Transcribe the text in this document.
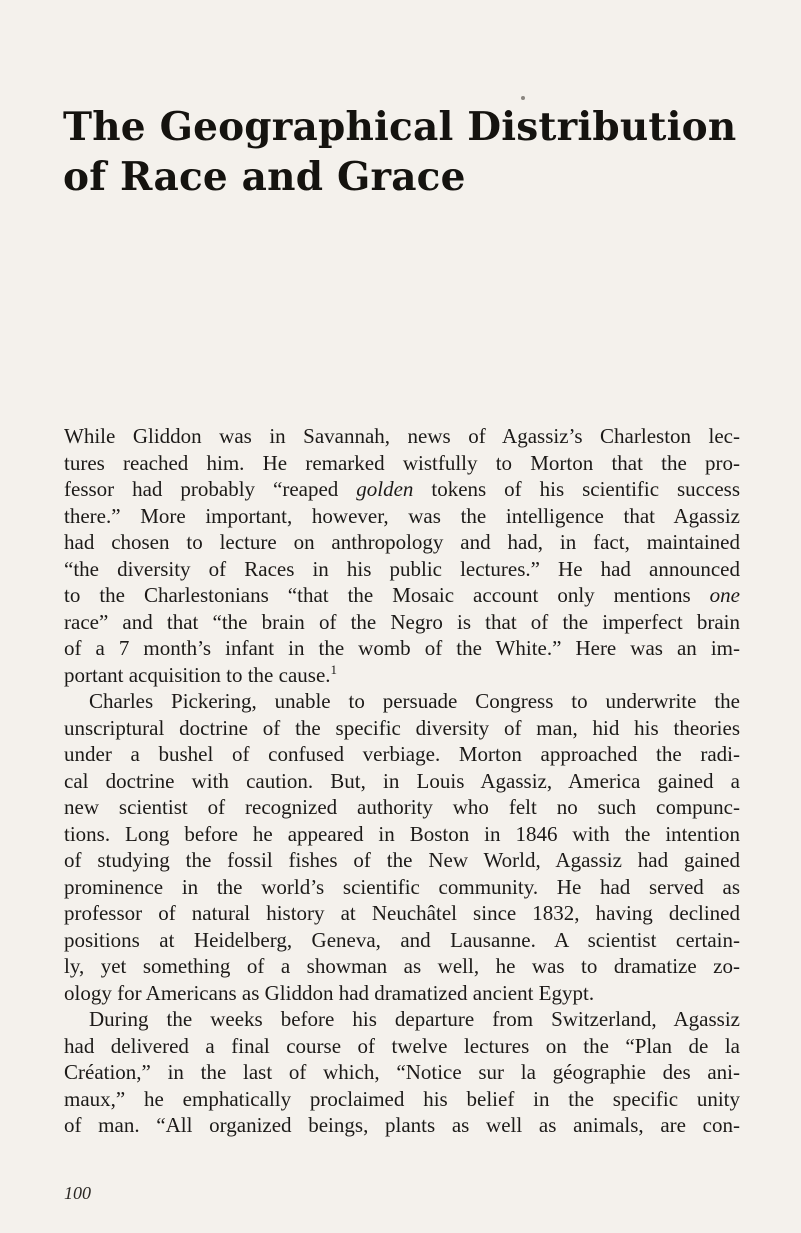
The Geographical Distribution
of Race and Grace
While Gliddon was in Savannah, news of Agassiz’s Charleston lec-
tures reached him. He remarked wistfully to Morton that the pro-
fessor had probably “reaped golden tokens of his scientific success
there.” More important, however, was the intelligence that Agassiz
had chosen to lecture on anthropology and had, in fact, maintained
“the diversity of Races in his public lectures.” He had announced
to the Charlestonians “that the Mosaic account only mentions one
race” and that “the brain of the Negro is that of the imperfect brain
of a 7 month’s infant in the womb of the White.” Here was an im-
portant acquisition to the cause.$^1$
Charles Pickering, unable to persuade Congress to underwrite the
unscriptural doctrine of the specific diversity of man, hid his theories
under a bushel of confused verbiage. Morton approached the radi-
cal doctrine with caution. But, in Louis Agassiz, America gained a
new scientist of recognized authority who felt no such compunc-
tions. Long before he appeared in Boston in 1846 with the intention
of studying the fossil fishes of the New World, Agassiz had gained
prominence in the world’s scientific community. He had served as
professor of natural history at Neuchâtel since 1832, having declined
positions at Heidelberg, Geneva, and Lausanne. A scientist certain-
ly, yet something of a showman as well, he was to dramatize zo-
ology for Americans as Gliddon had dramatized ancient Egypt.
During the weeks before his departure from Switzerland, Agassiz
had delivered a final course of twelve lectures on the “Plan de la
Création,” in the last of which, “Notice sur la géographie des ani-
maux,” he emphatically proclaimed his belief in the specific unity
of man. “All organized beings, plants as well as animals, are con-
100
